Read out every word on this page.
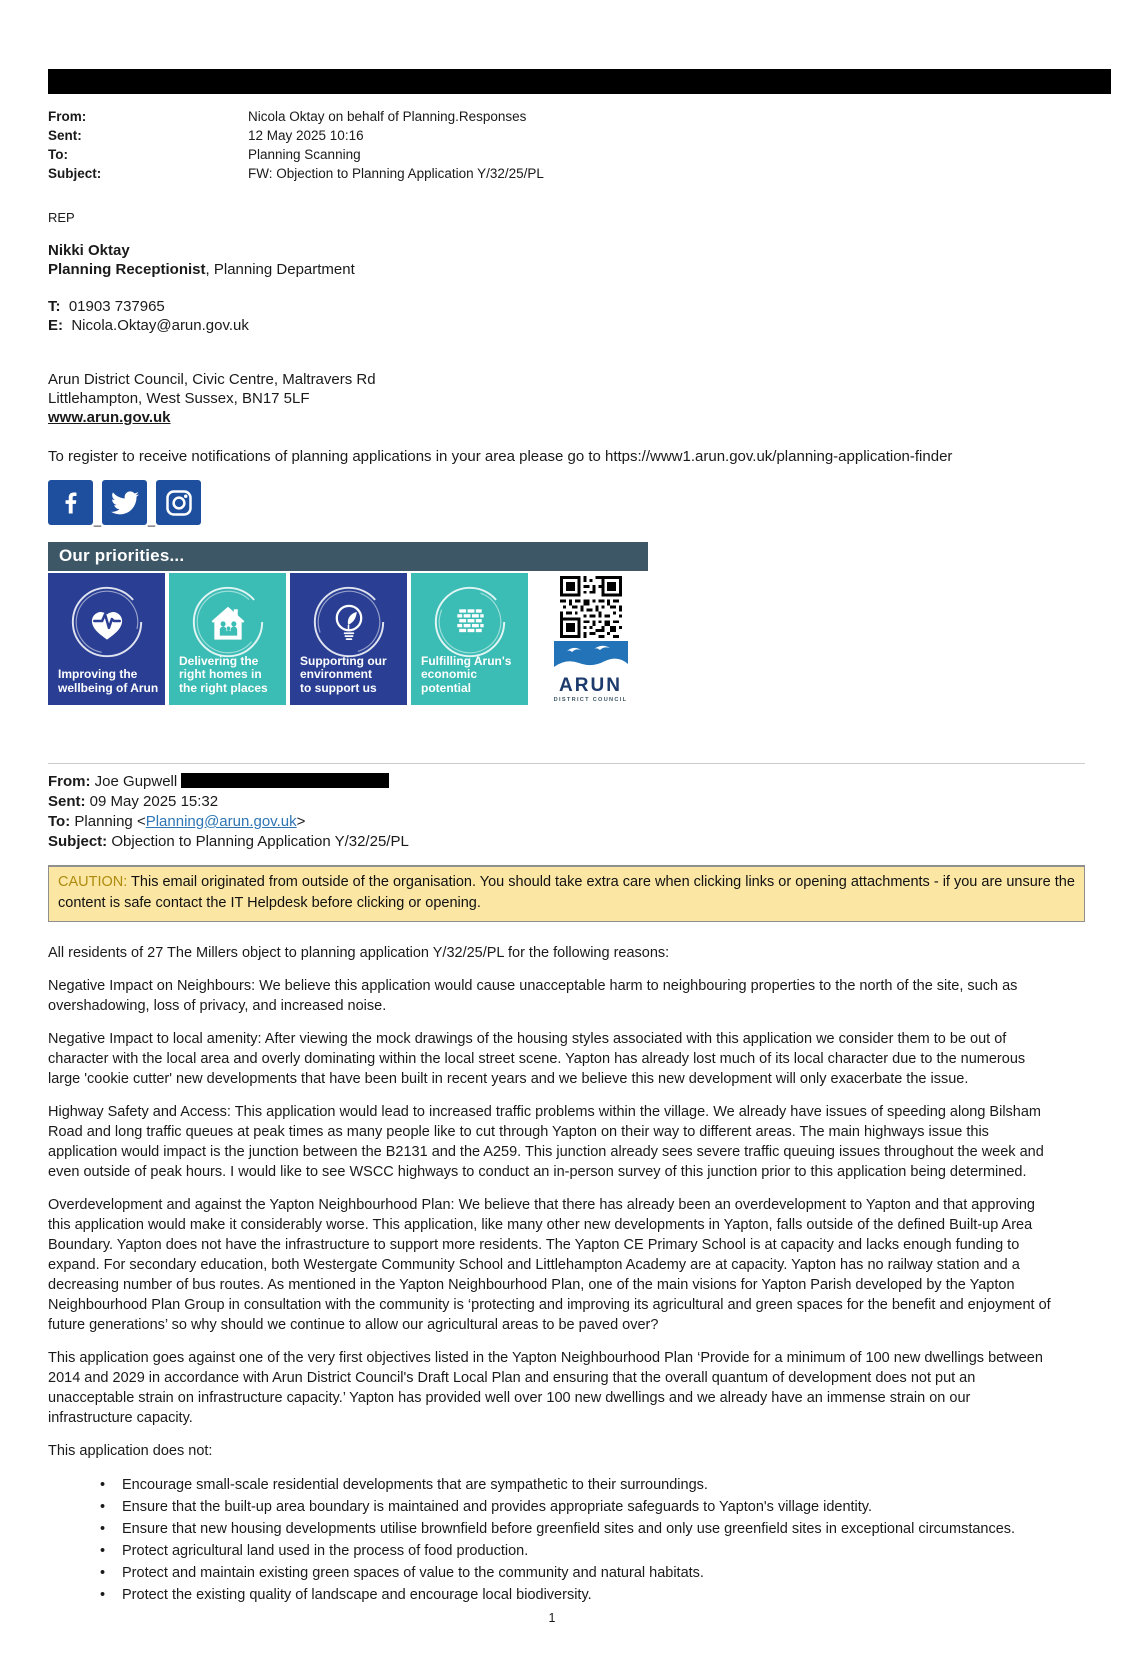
From:	Nicola Oktay on behalf of Planning.Responses
Sent:	12 May 2025 10:16
To:	Planning Scanning
Subject:	FW: Objection to Planning Application Y/32/25/PL
REP
Nikki Oktay
Planning Receptionist, Planning Department
T: 01903 737965
E: Nicola.Oktay@arun.gov.uk
Arun District Council, Civic Centre, Maltravers Rd
Littlehampton, West Sussex, BN17 5LF
www.arun.gov.uk
To register to receive notifications of planning applications in your area please go to https://www1.arun.gov.uk/planning-application-finder
_	_
Our priorities...
Improving the
wellbeing of Arun
Delivering the
right homes in
the right places
Supporting our
environment
to support us
Fulfilling Arun's
economic potential	ARUN
DISTRICT COUNCIL

From: Joe Gupwell

Sent: 09 May 2025 15:32

To: Planning <Planning@arun.gov.uk>

Subject: Objection to Planning Application Y/32/25/PL

CAUTION: This email originated from outside of the organisation. You should take extra care when clicking links or opening attachments - if you are unsure the content is safe contact the IT Helpdesk before clicking or opening.

All residents of 27 The Millers object to planning application Y/32/25/PL for the following reasons:

Negative Impact on Neighbours: We believe this application would cause unacceptable harm to neighbouring properties to the north of the site, such as overshadowing, loss of privacy, and increased noise.

Negative Impact to local amenity: After viewing the mock drawings of the housing styles associated with this application we consider them to be out of character with the local area and overly dominating within the local street scene. Yapton has already lost much of its local character due to the numerous large 'cookie cutter' new developments that have been built in recent years and we believe this new development will only exacerbate the issue.

Highway Safety and Access: This application would lead to increased traffic problems within the village. We already have issues of speeding along Bilsham Road and long traffic queues at peak times as many people like to cut through Yapton on their way to different areas. The main highways issue this application would impact is the junction between the B2131 and the A259. This junction already sees severe traffic queuing issues throughout the week and even outside of peak hours. I would like to see WSCC highways to conduct an in-person survey of this junction prior to this application being determined.

Overdevelopment and against the Yapton Neighbourhood Plan: We believe that there has already been an overdevelopment to Yapton and that approving this application would make it considerably worse. This application, like many other new developments in Yapton, falls outside of the defined Built-up Area Boundary. Yapton does not have the infrastructure to support more residents. The Yapton CE Primary School is at capacity and lacks enough funding to expand. For secondary education, both Westergate Community School and Littlehampton Academy are at capacity. Yapton has no railway station and a decreasing number of bus routes. As mentioned in the Yapton Neighbourhood Plan, one of the main visions for Yapton Parish developed by the Yapton Neighbourhood Plan Group in consultation with the community is ‘protecting and improving its agricultural and green spaces for the benefit and enjoyment of future generations’ so why should we continue to allow our agricultural areas to be paved over?

This application goes against one of the very first objectives listed in the Yapton Neighbourhood Plan ‘Provide for a minimum of 100 new dwellings between 2014 and 2029 in accordance with Arun District Council's Draft Local Plan and ensuring that the overall quantum of development does not put an unacceptable strain on infrastructure capacity.’ Yapton has provided well over 100 new dwellings and we already have an immense strain on our infrastructure capacity.

This application does not:

•	Encourage small-scale residential developments that are sympathetic to their surroundings.
•	Ensure that the built-up area boundary is maintained and provides appropriate safeguards to Yapton's village identity.
•	Ensure that new housing developments utilise brownfield before greenfield sites and only use greenfield sites in exceptional circumstances.
•	Protect agricultural land used in the process of food production.
•	Protect and maintain existing green spaces of value to the community and natural habitats.
•	Protect the existing quality of landscape and encourage local biodiversity.
1
